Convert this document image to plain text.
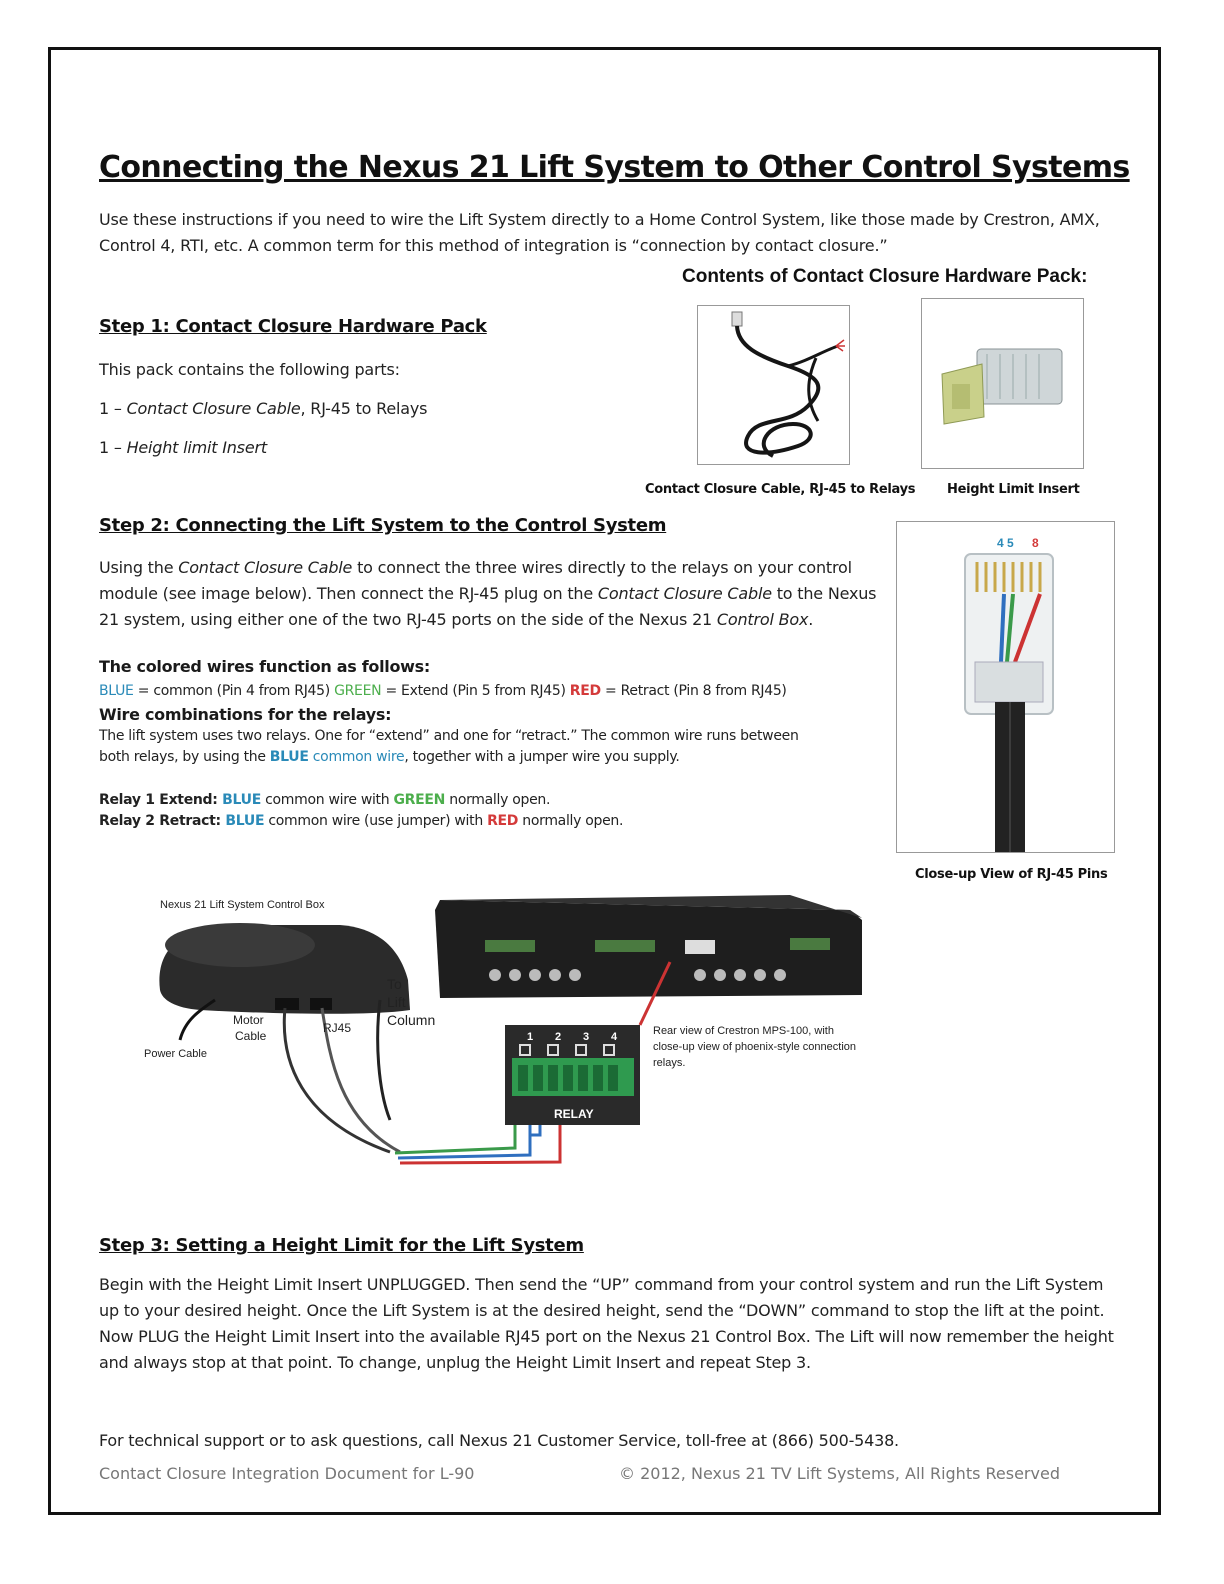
Connecting the Nexus 21 Lift System to Other Control Systems
Use these instructions if you need to wire the Lift System directly to a Home Control System, like those made by Crestron, AMX,
Control 4, RTI, etc. A common term for this method of integration is “connection by contact closure.”
Contents of Contact Closure Hardware Pack:
Step 1: Contact Closure Hardware Pack
This pack contains the following parts:
1 – Contact Closure Cable, RJ-45 to Relays
1 – Height limit Insert
Contact Closure Cable, RJ-45 to Relays Height Limit Insert
Step 2: Connecting the Lift System to the Control System
Using the Contact Closure Cable to connect the three wires directly to the relays on your control
module (see image below). Then connect the RJ-45 plug on the Contact Closure Cable to the Nexus
21 system, using either one of the two RJ-45 ports on the side of the Nexus 21 Control Box.
The colored wires function as follows:
BLUE = common (Pin 4 from RJ45) GREEN = Extend (Pin 5 from RJ45) RED = Retract (Pin 8 from RJ45)
Wire combinations for the relays:
The lift system uses two relays. One for “extend” and one for “retract.” The common wire runs between
both relays, by using the BLUE common wire, together with a jumper wire you supply.
Relay 1 Extend: BLUE common wire with GREEN normally open.
Relay 2 Retract: BLUE common wire (use jumper) with RED normally open.
4 5 8
Close-up View of RJ-45 Pins
1 2 3 4
RELAY
Nexus 21 Lift System Control Box
Power Cable
Motor
Cable
RJ45
To
Lift
Column
Rear view of Crestron MPS-100, with
close-up view of phoenix-style connection
relays.
Step 3: Setting a Height Limit for the Lift System
Begin with the Height Limit Insert UNPLUGGED. Then send the “UP” command from your control system and run the Lift System
up to your desired height. Once the Lift System is at the desired height, send the “DOWN” command to stop the lift at the point.
Now PLUG the Height Limit Insert into the available RJ45 port on the Nexus 21 Control Box. The Lift will now remember the height
and always stop at that point. To change, unplug the Height Limit Insert and repeat Step 3.
For technical support or to ask questions, call Nexus 21 Customer Service, toll-free at (866) 500-5438.
Contact Closure Integration Document for L-90	© 2012, Nexus 21 TV Lift Systems, All Rights Reserved
